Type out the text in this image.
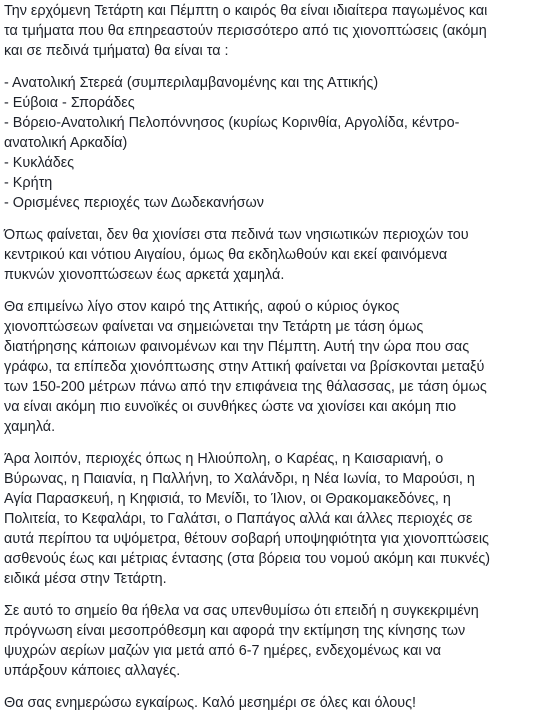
Την ερχόμενη Τετάρτη και Πέμπτη ο καιρός θα είναι ιδιαίτερα παγωμένος και
τα τμήματα που θα επηρεαστούν περισσότερο από τις χιονοπτώσεις (ακόμη
και σε πεδινά τμήματα) θα είναι τα :

- Ανατολική Στερεά (συμπεριλαμβανομένης και της Αττικής)
- Εύβοια - Σποράδες
- Βόρειο-Ανατολική Πελοπόννησος (κυρίως Κορινθία, Αργολίδα, κέντρο-
ανατολική Αρκαδία)
- Κυκλάδες
- Κρήτη
- Ορισμένες περιοχές των Δωδεκανήσων

Όπως φαίνεται, δεν θα χιονίσει στα πεδινά των νησιωτικών περιοχών του
κεντρικού και νότιου Αιγαίου, όμως θα εκδηλωθούν και εκεί φαινόμενα
πυκνών χιονοπτώσεων έως αρκετά χαμηλά.

Θα επιμείνω λίγο στον καιρό της Αττικής, αφού ο κύριος όγκος
χιονοπτώσεων φαίνεται να σημειώνεται την Τετάρτη με τάση όμως
διατήρησης κάποιων φαινομένων και την Πέμπτη. Αυτή την ώρα που σας
γράφω, τα επίπεδα χιονόπτωσης στην Αττική φαίνεται να βρίσκονται μεταξύ
των 150-200 μέτρων πάνω από την επιφάνεια της θάλασσας, με τάση όμως
να είναι ακόμη πιο ευνοϊκές οι συνθήκες ώστε να χιονίσει και ακόμη πιο
χαμηλά.

Άρα λοιπόν, περιοχές όπως η Ηλιούπολη, ο Καρέας, η Καισαριανή, ο
Βύρωνας, η Παιανία, η Παλλήνη, το Χαλάνδρι, η Νέα Ιωνία, το Μαρούσι, η
Αγία Παρασκευή, η Κηφισιά, το Μενίδι, το Ίλιον, οι Θρακομακεδόνες, η
Πολιτεία, το Κεφαλάρι, το Γαλάτσι, ο Παπάγος αλλά και άλλες περιοχές σε
αυτά περίπου τα υψόμετρα, θέτουν σοβαρή υποψηφιότητα για χιονοπτώσεις
ασθενούς έως και μέτριας έντασης (στα βόρεια του νομού ακόμη και πυκνές)
ειδικά μέσα στην Τετάρτη.

Σε αυτό το σημείο θα ήθελα να σας υπενθυμίσω ότι επειδή η συγκεκριμένη
πρόγνωση είναι μεσοπρόθεσμη και αφορά την εκτίμηση της κίνησης των
ψυχρών αερίων μαζών για μετά από 6-7 ημέρες, ενδεχομένως και να
υπάρξουν κάποιες αλλαγές.

Θα σας ενημερώσω εγκαίρως. Καλό μεσημέρι σε όλες και όλους!
